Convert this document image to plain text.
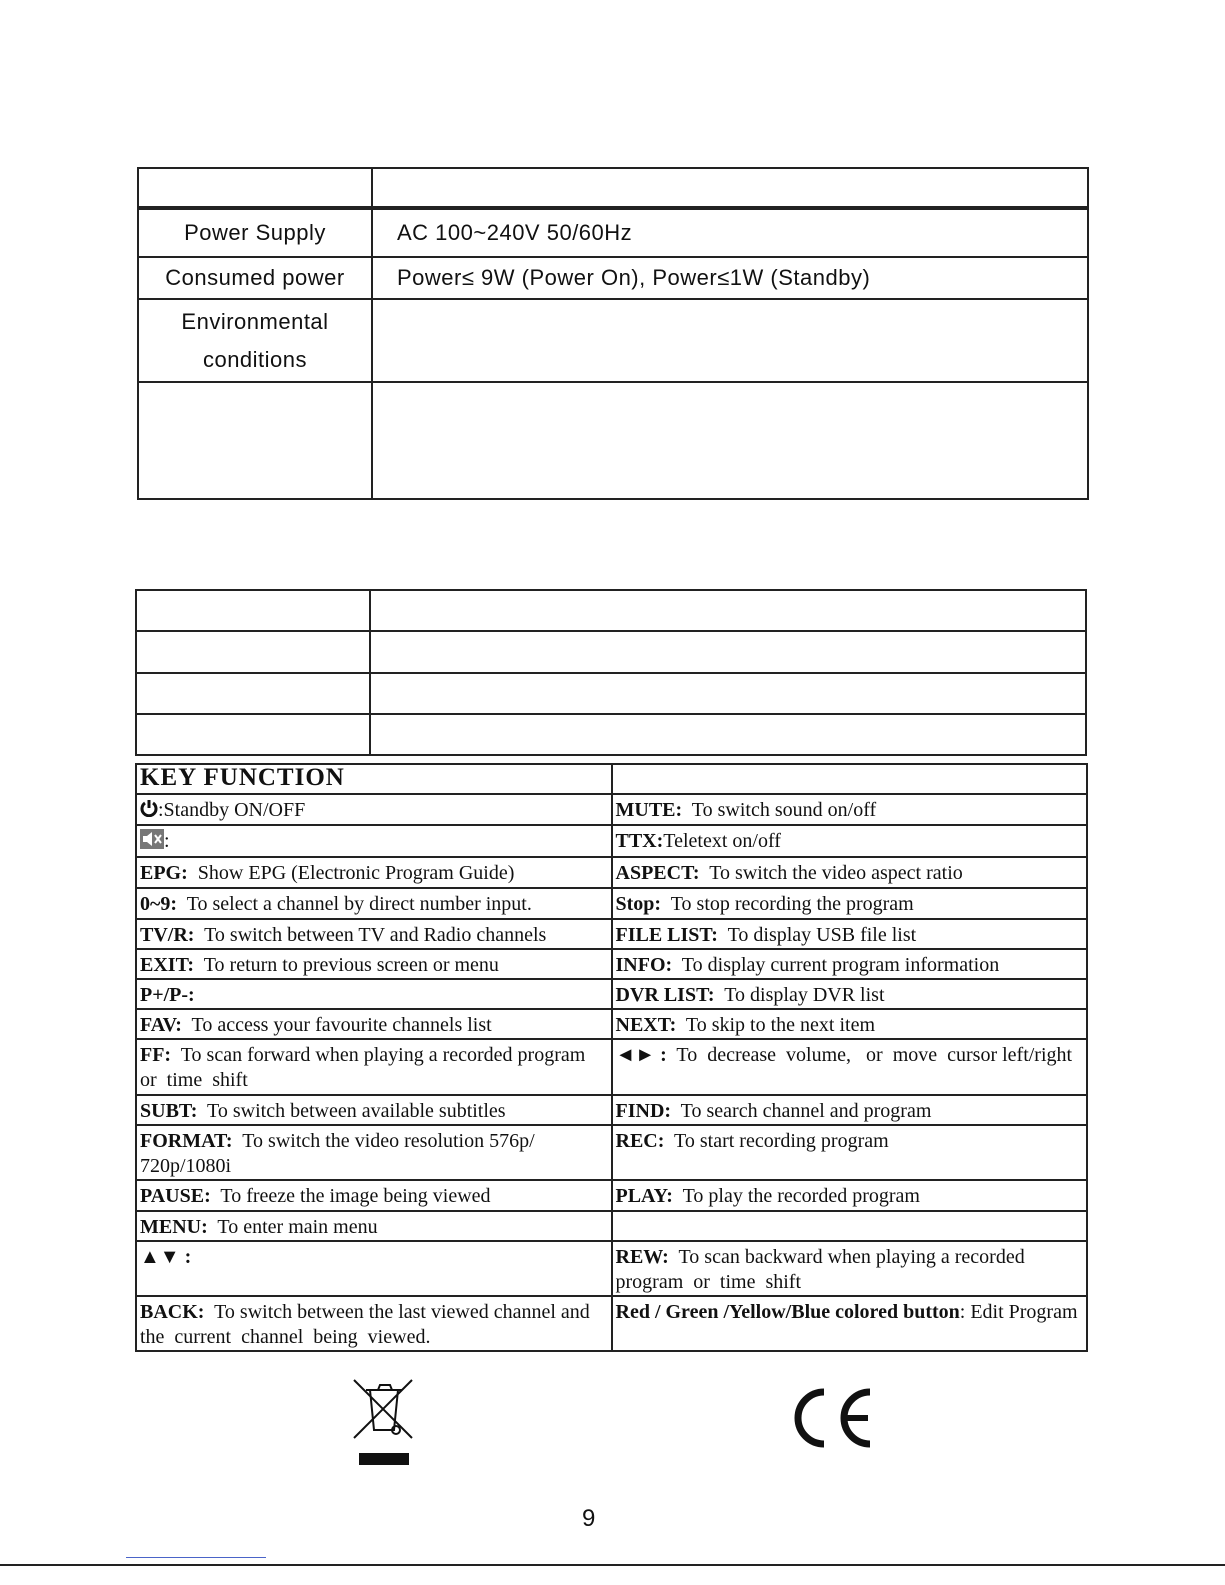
Power Supply	AC 100~240V 50/60Hz
Consumed power	Power≤ 9W (Power On), Power≤1W (Standby)
Environmental conditions	

KEY FUNCTION	
:Standby ON/OFF	MUTE:  To switch sound on/off
:	TTX:Teletext on/off
EPG:  Show EPG (Electronic Program Guide)	ASPECT:  To switch the video aspect ratio
0~9:  To select a channel by direct number input.	Stop:  To stop recording the program
TV/R:  To switch between TV and Radio channels	FILE LIST:  To display USB file list
EXIT:  To return to previous screen or menu	INFO:  To display current program information
P+/P-:	DVR LIST:  To display DVR list
FAV:  To access your favourite channels list	NEXT:  To skip to the next item
FF:  To scan forward when playing a recorded program  or  time  shift	◄► :  To  decrease  volume,   or  move  cursor left/right
SUBT:  To switch between available subtitles	FIND:  To search channel and program
FORMAT:  To switch the video resolution 576p/ 720p/1080i	REC:  To start recording program
PAUSE:  To freeze the image being viewed	PLAY:  To play the recorded program
MENU:  To enter main menu	
▲▼ :	REW:  To scan backward when playing a recorded program  or  time  shift
BACK:  To switch between the last viewed channel and  the  current  channel  being  viewed.	Red / Green /Yellow/Blue colored button: Edit Program
9
